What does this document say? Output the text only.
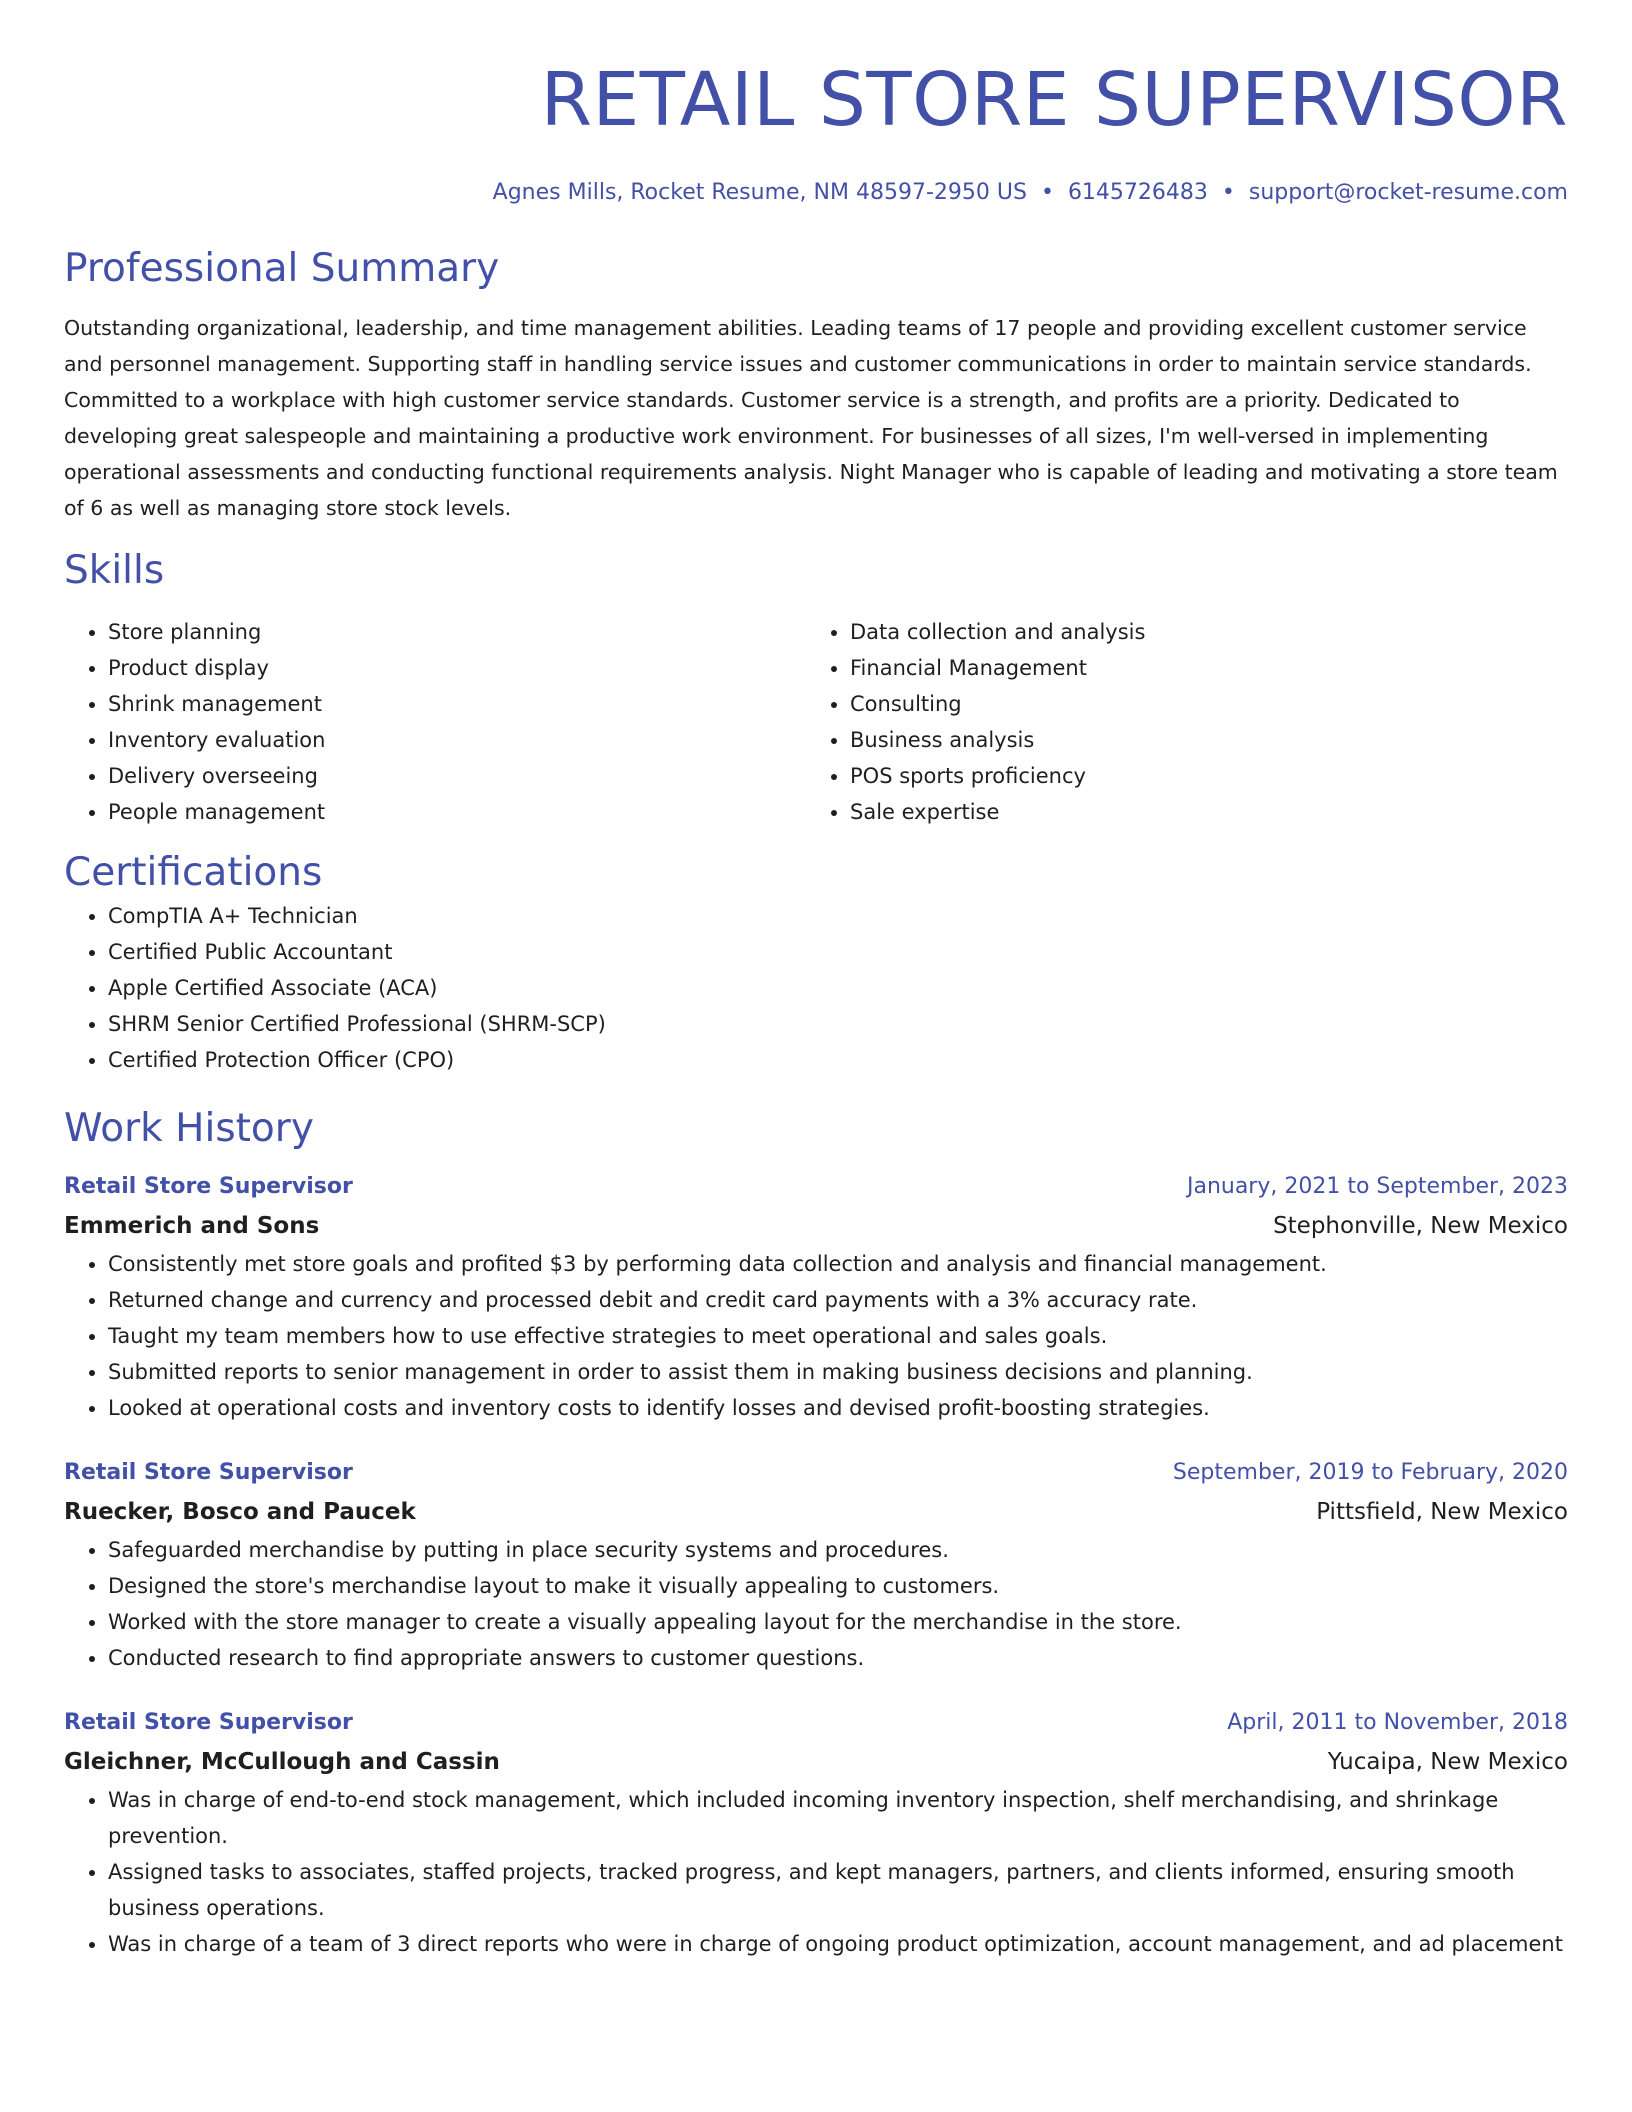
RETAIL STORE SUPERVISOR
Agnes Mills, Rocket Resume, NM 48597-2950 US • 6145726483 • support@rocket-resume.com
Professional Summary
Outstanding organizational, leadership, and time management abilities. Leading teams of 17 people and providing excellent customer service and personnel management. Supporting staff in handling service issues and customer communications in order to maintain service standards. Committed to a workplace with high customer service standards. Customer service is a strength, and profits are a priority. Dedicated to developing great salespeople and maintaining a productive work environment. For businesses of all sizes, I'm well-versed in implementing operational assessments and conducting functional requirements analysis. Night Manager who is capable of leading and motivating a store team of 6 as well as managing store stock levels.
Skills
• Store planning
• Product display
• Shrink management
• Inventory evaluation
• Delivery overseeing
• People management
• Data collection and analysis
• Financial Management
• Consulting
• Business analysis
• POS sports proficiency
• Sale expertise
Certifications
• CompTIA A+ Technician
• Certified Public Accountant
• Apple Certified Associate (ACA)
• SHRM Senior Certified Professional (SHRM-SCP)
• Certified Protection Officer (CPO)
Work History
Retail Store Supervisor	January, 2021 to September, 2023
Emmerich and Sons	Stephonville, New Mexico
• Consistently met store goals and profited $3 by performing data collection and analysis and financial management.
• Returned change and currency and processed debit and credit card payments with a 3% accuracy rate.
• Taught my team members how to use effective strategies to meet operational and sales goals.
• Submitted reports to senior management in order to assist them in making business decisions and planning.
• Looked at operational costs and inventory costs to identify losses and devised profit-boosting strategies.
Retail Store Supervisor	September, 2019 to February, 2020
Ruecker, Bosco and Paucek	Pittsfield, New Mexico
• Safeguarded merchandise by putting in place security systems and procedures.
• Designed the store's merchandise layout to make it visually appealing to customers.
• Worked with the store manager to create a visually appealing layout for the merchandise in the store.
• Conducted research to find appropriate answers to customer questions.
Retail Store Supervisor	April, 2011 to November, 2018
Gleichner, McCullough and Cassin	Yucaipa, New Mexico
• Was in charge of end-to-end stock management, which included incoming inventory inspection, shelf merchandising, and shrinkage prevention.
• Assigned tasks to associates, staffed projects, tracked progress, and kept managers, partners, and clients informed, ensuring smooth business operations.
• Was in charge of a team of 3 direct reports who were in charge of ongoing product optimization, account management, and ad placement
